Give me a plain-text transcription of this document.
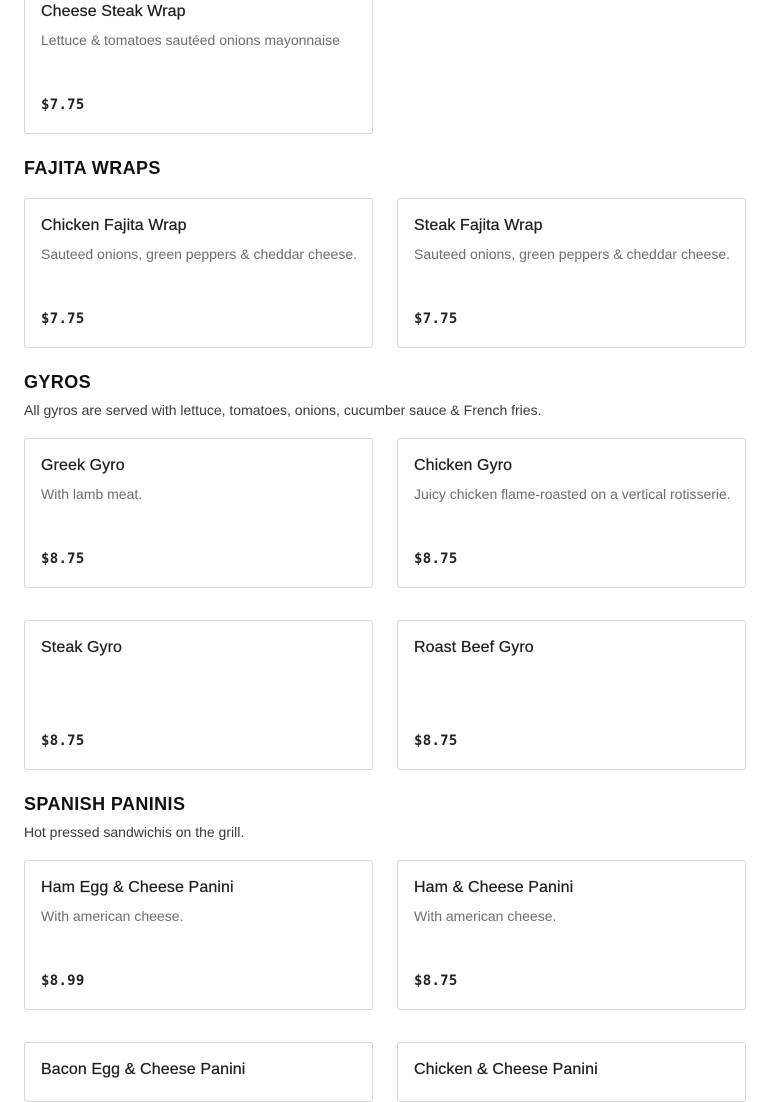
Cheese Steak Wrap
Lettuce & tomatoes sautéed onions mayonnaise
$7.75
FAJITA WRAPS
Chicken Fajita Wrap
Sauteed onions, green peppers & cheddar cheese.
$7.75
Steak Fajita Wrap
Sauteed onions, green peppers & cheddar cheese.
$7.75
GYROS

All gyros are served with lettuce, tomatoes, onions, cucumber sauce & French fries.

Greek Gyro
With lamb meat.
$8.75
Chicken Gyro
Juicy chicken flame-roasted on a vertical rotisserie.
$8.75
Steak Gyro
$8.75
Roast Beef Gyro
$8.75
SPANISH PANINIS

Hot pressed sandwichis on the grill.

Ham Egg & Cheese Panini
With american cheese.
$8.99
Ham & Cheese Panini
With american cheese.
$8.75
Bacon Egg & Cheese Panini	Chicken & Cheese Panini
